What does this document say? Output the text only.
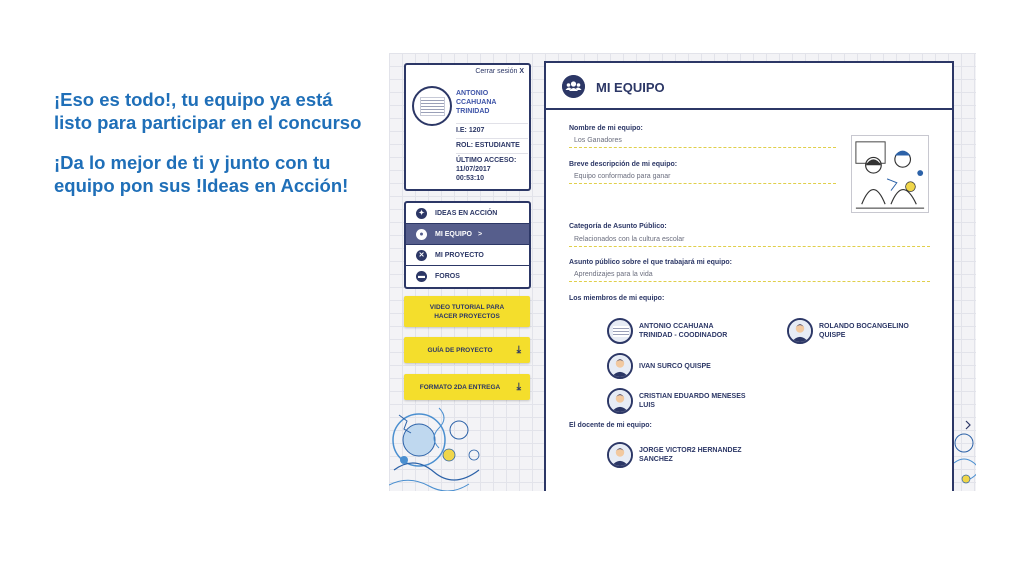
¡Eso es todo!, tu equipo ya está listo para participar en el concurso

¡Da lo mejor de ti y junto con tu equipo pon sus !Ideas en Acción!

Cerrar sesión X
ANTONIO CCAHUANA TRINIDAD
I.E: 1207
ROL: ESTUDIANTE
ÚLTIMO ACCESO:
11/07/2017
00:53:10
✦	IDEAS EN ACCIÓN
●	MI EQUIPO >
✕	MI PROYECTO
▬ FOROS
VIDEO TUTORIAL PARA HACER PROYECTOS
GUÍA DE PROYECTO	⤓
FORMATO 2DA ENTREGA	⤓
MI EQUIPO
Nombre de mi equipo:
Los Ganadores
Breve descripción de mi equipo:
Equipo conformado para ganar
Categoría de Asunto Público:
Relacionados con la cultura escolar
Asunto público sobre el que trabajará mi equipo:
Aprendizajes para la vida
Los miembros de mi equipo:
ANTONIO CCAHUANA TRINIDAD - COODINADOR
ROLANDO BOCANGELINO QUISPE
IVAN SURCO QUISPE
CRISTIAN EDUARDO MENESES LUIS
El docente de mi equipo:
JORGE VICTOR2 HERNANDEZ SANCHEZ
